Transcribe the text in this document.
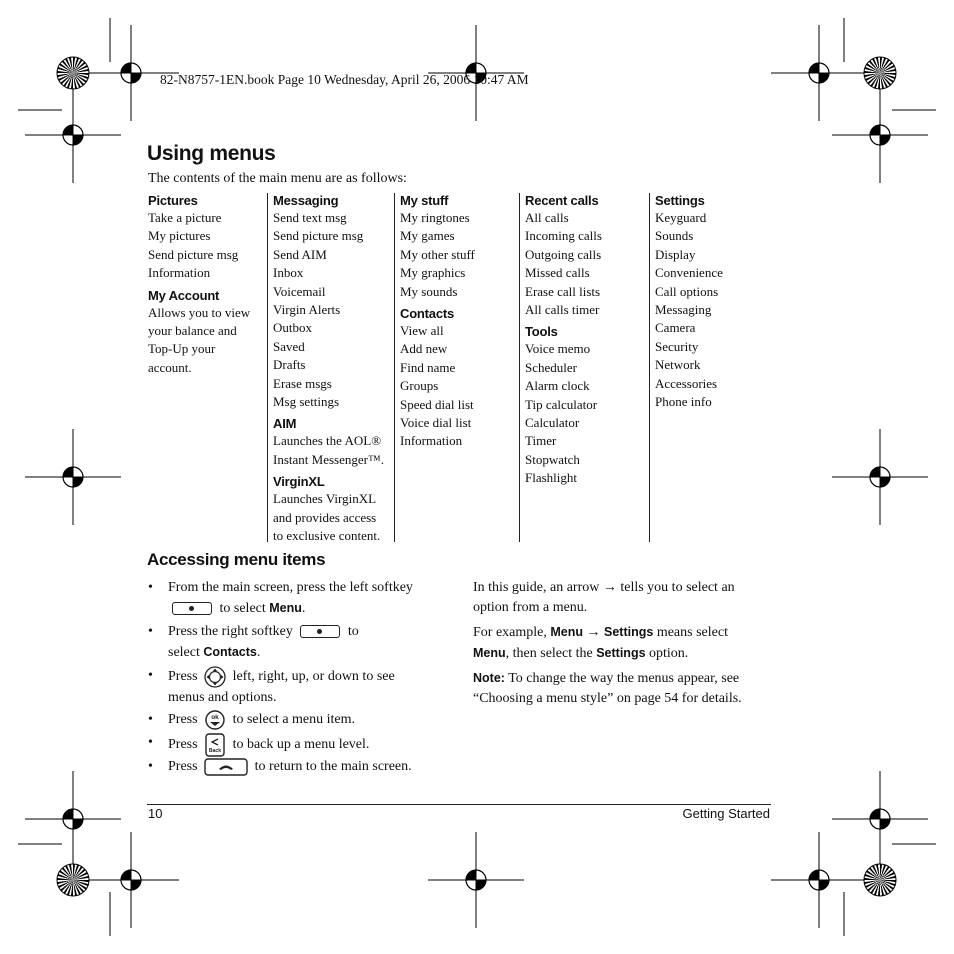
82-N8757-1EN.book Page 10 Wednesday, April 26, 2006 10:47 AM
Using menus
The contents of the main menu are as follows:
Pictures
Take a picture
My pictures
Send picture msg
Information
My Account
Allows you to view
your balance and
Top-Up your
account.
Messaging
Send text msg
Send picture msg
Send AIM
Inbox
Voicemail
Virgin Alerts
Outbox
Saved
Drafts
Erase msgs
Msg settings
AIM
Launches the AOL®
Instant Messenger™.
VirginXL
Launches VirginXL
and provides access
to exclusive content.
My stuff
My ringtones
My games
My other stuff
My graphics
My sounds
Contacts
View all
Add new
Find name
Groups
Speed dial list
Voice dial list
Information
Recent calls
All calls
Incoming calls
Outgoing calls
Missed calls
Erase call lists
All calls timer
Tools
Voice memo
Scheduler
Alarm clock
Tip calculator
Calculator
Timer
Stopwatch
Flashlight
Settings
Keyguard
Sounds
Display
Convenience
Call options
Messaging
Camera
Security
Network
Accessories
Phone info
Accessing menu items
• From the main screen, press the left softkey
to select Menu.
• Press the right softkey	to
select Contacts.
• Press	left, right, up, or down to see
menus and options.
• Press ok to select a menu item.
• Press Back to back up a menu level.
• Press	to return to the main screen.
In this guide, an arrow → tells you to select an
option from a menu.
For example, Menu → Settings means select
Menu, then select the Settings option.
Note: To change the way the menus appear, see
“Choosing a menu style” on page 54 for details.
10	Getting Started
